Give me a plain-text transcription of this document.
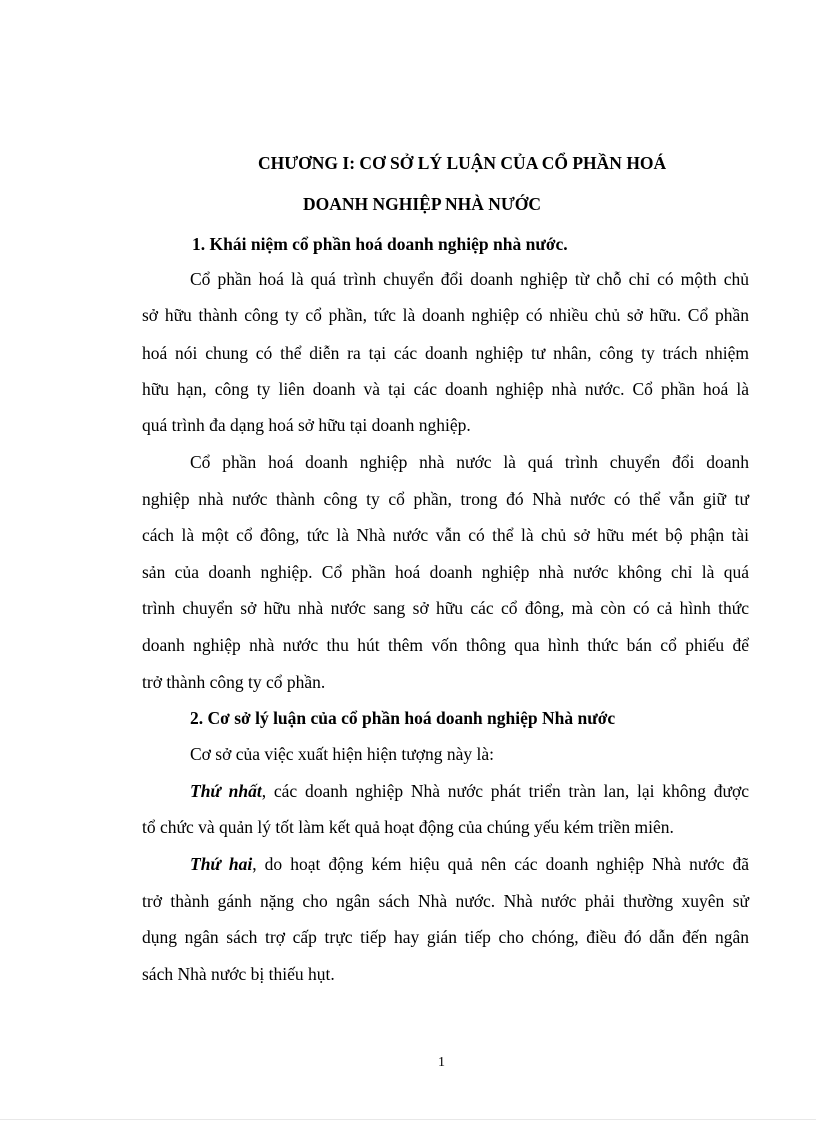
CHƯƠNG I: CƠ SỞ LÝ LUẬN CỦA CỔ PHẦN HOÁ
DOANH NGHIỆP NHÀ NƯỚC
1. Khái niệm cổ phần hoá doanh nghiệp nhà nước.
Cổ phần hoá là quá trình chuyển đổi doanh nghiệp từ chỗ chỉ có mộth chủ
sở hữu thành công ty cổ phần, tức là doanh nghiệp có nhiều chủ sở hữu. Cổ phần
hoá nói chung có thể diễn ra tại các doanh nghiệp tư nhân, công ty trách nhiệm
hữu hạn, công ty liên doanh và tại các doanh nghiệp nhà nước. Cổ phần hoá là
quá trình đa dạng hoá sở hữu tại doanh nghiệp.
Cổ phần hoá doanh nghiệp nhà nước là quá trình chuyển đổi doanh
nghiệp nhà nước thành công ty cổ phần, trong đó Nhà nước có thể vẫn giữ tư
cách là một cổ đông, tức là Nhà nước vẫn có thể là chủ sở hữu mét bộ phận tài
sản của doanh nghiệp. Cổ phần hoá doanh nghiệp nhà nước không chỉ là quá
trình chuyển sở hữu nhà nước sang sở hữu các cổ đông, mà còn có cả hình thức
doanh nghiệp nhà nước thu hút thêm vốn thông qua hình thức bán cổ phiếu để
trở thành công ty cổ phần.
2. Cơ sở lý luận của cổ phần hoá doanh nghiệp Nhà nước
Cơ sở của việc xuất hiện hiện tượng này là:
Thứ nhất, các doanh nghiệp Nhà nước phát triển tràn lan, lại không được
tổ chức và quản lý tốt làm kết quả hoạt động của chúng yếu kém triền miên.
Thứ hai, do hoạt động kém hiệu quả nên các doanh nghiệp Nhà nước đã
trở thành gánh nặng cho ngân sách Nhà nước. Nhà nước phải thường xuyên sử
dụng ngân sách trợ cấp trực tiếp hay gián tiếp cho chóng, điều đó dẫn đến ngân
sách Nhà nước bị thiếu hụt.
1
